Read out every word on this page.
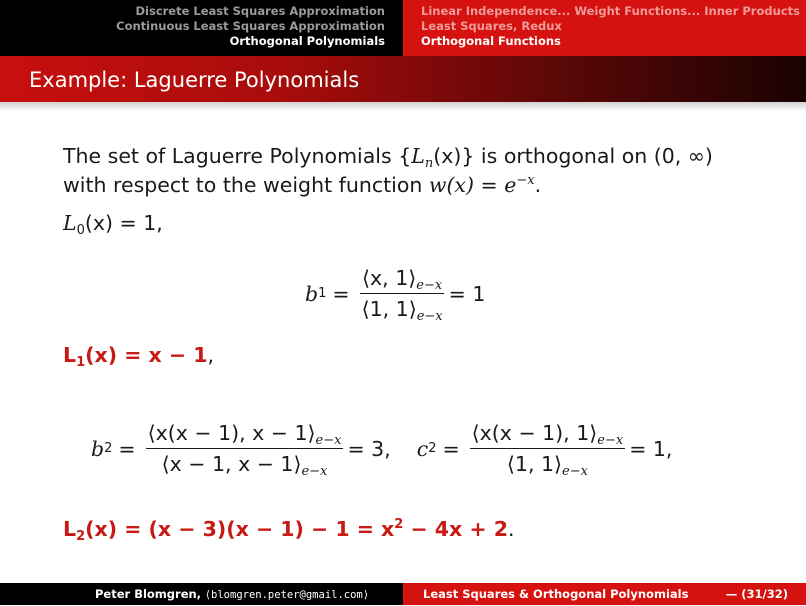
Discrete Least Squares Approximation
Continuous Least Squares Approximation
Orthogonal Polynomials
Linear Independence... Weight Functions... Inner Products
Least Squares, Redux
Orthogonal Functions
Example: Laguerre Polynomials
The set of Laguerre Polynomials $\{L_n(x)\}$ is orthogonal on (0, ∞)
with respect to the weight function $w(x) = e^{-x}$.
$L_0(x) = 1$,
b $1 = \frac{⟨x, 1⟩_{e-x}}{⟨1, 1⟩_{e-x}} = 1$
$L_1(x) = x - 1$,
b $2 = \frac{⟨x(x - 1), x - 1⟩_{e-x}}{⟨x - 1, x - 1⟩_{e-x}} = 3$, c $2 = \frac{⟨x(x - 1), 1⟩_{e-x}}{⟨1, 1⟩_{e-x}} = 1$,
$L_2(x) = (x - 3)(x - 1) - 1 = x^2 - 4x + 2$.
Peter Blomgren, ⟨blomgren.peter@gmail.com⟩	Least Squares & Orthogonal Polynomials	— (31/32)
